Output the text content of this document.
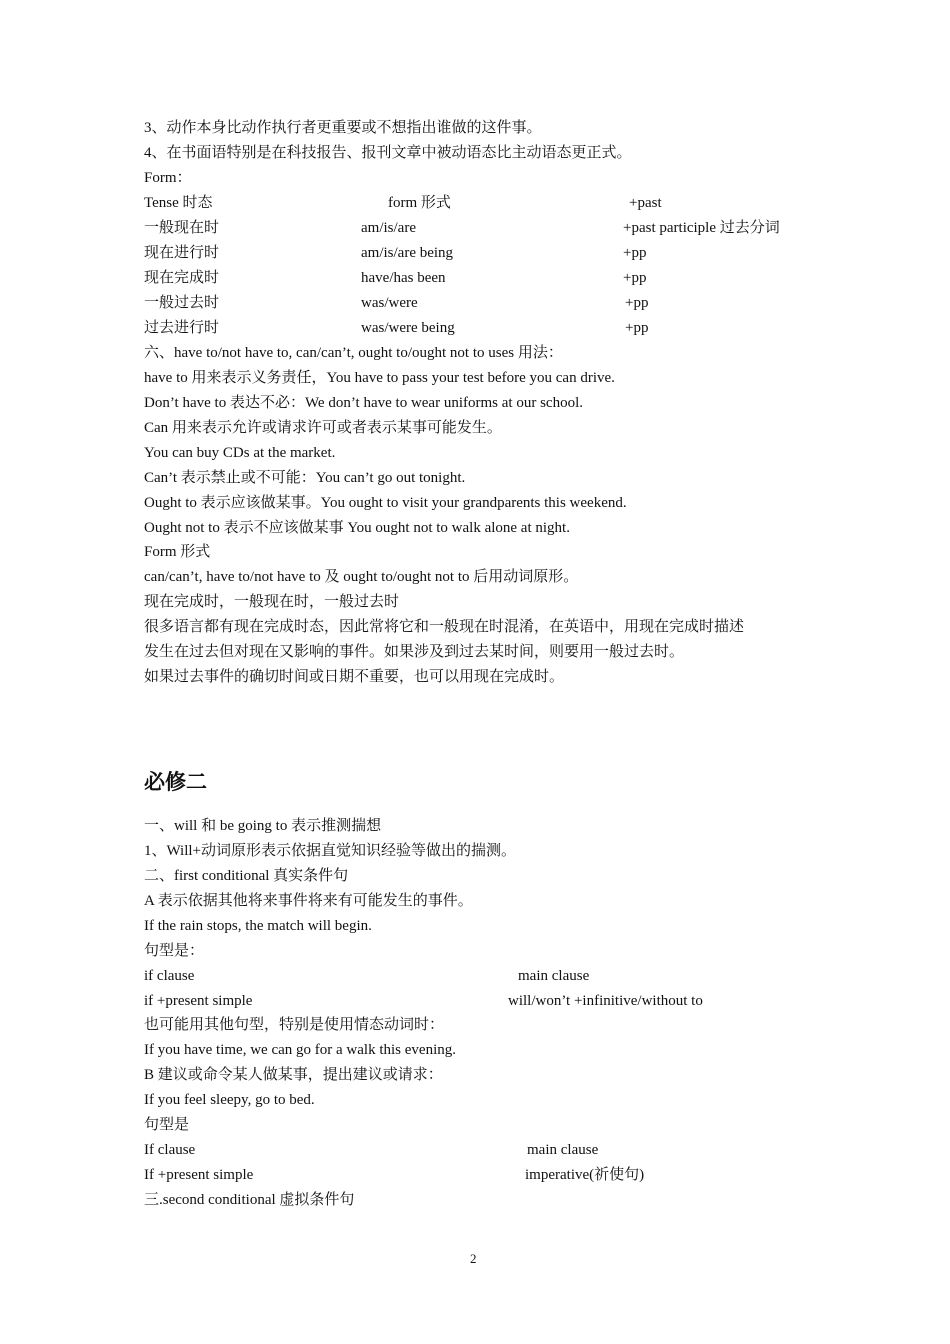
3、动作本身比动作执行者更重要或不想指出谁做的这件事。
4、在书面语特别是在科技报告、报刊文章中被动语态比主动语态更正式。
Form：
Tense 时态	form 形式	+past
一般现在时	am/is/are	+past participle 过去分词
现在进行时	am/is/are being	+pp
现在完成时	have/has been	+pp
一般过去时	was/were	+pp
过去进行时	was/were being	+pp
六、have to/not have to, can/can’t, ought to/ought not to uses 用法：
have to 用来表示义务责任，You have to pass your test before you can drive.
Don’t have to 表达不必：We don’t have to wear uniforms at our school.
Can 用来表示允许或请求许可或者表示某事可能发生。
You can buy CDs at the market.
Can’t 表示禁止或不可能：You can’t go out tonight.
Ought to 表示应该做某事。You ought to visit your grandparents this weekend.
Ought not to 表示不应该做某事 You ought not to walk alone at night.
Form 形式
can/can’t, have to/not have to 及 ought to/ought not to 后用动词原形。
现在完成时，一般现在时，一般过去时
很多语言都有现在完成时态，因此常将它和一般现在时混淆，在英语中，用现在完成时描述
发生在过去但对现在又影响的事件。如果涉及到过去某时间，则要用一般过去时。
如果过去事件的确切时间或日期不重要，也可以用现在完成时。
必修二
一、will 和 be going to 表示推测揣想
1、Will+动词原形表示依据直觉知识经验等做出的揣测。
二、first conditional 真实条件句
A 表示依据其他将来事件将来有可能发生的事件。
If the rain stops, the match will begin.
句型是：
if clause	main clause
if +present simple	will/won’t +infinitive/without to
也可能用其他句型，特别是使用情态动词时：
If you have time, we can go for a walk this evening.
B 建议或命令某人做某事，提出建议或请求：
If you feel sleepy, go to bed.
句型是
If clause	main clause
If +present simple	imperative(祈使句)
三.second conditional 虚拟条件句
2
